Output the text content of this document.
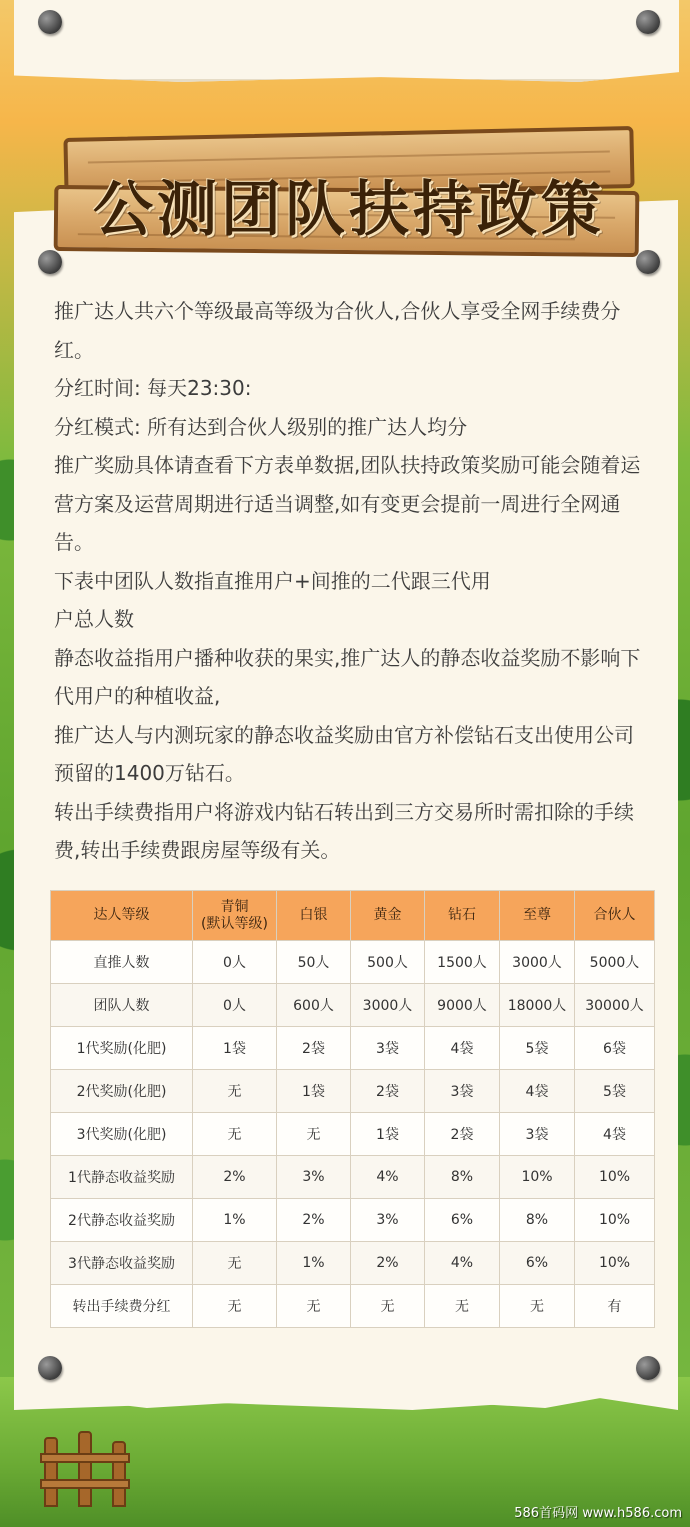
公测团队扶持政策

推广达人共六个等级最高等级为合伙人,合伙人享受全网手续费分红。

分红时间: 每天23:30:

分红模式: 所有达到合伙人级别的推广达人均分

推广奖励具体请查看下方表单数据,团队扶持政策奖励可能会随着运营方案及运营周期进行适当调整,如有变更会提前一周进行全网通告。

下表中团队人数指直推用户+间推的二代跟三代用

户总人数

静态收益指用户播种收获的果实,推广达人的静态收益奖励不影响下代用户的种植收益,

推广达人与内测玩家的静态收益奖励由官方补偿钻石支出使用公司预留的1400万钻石。

转出手续费指用户将游戏内钻石转出到三方交易所时需扣除的手续费,转出手续费跟房屋等级有关。

达人等级	青铜
(默认等级)	白银	黄金	钻石	至尊	合伙人
直推人数	0人	50人	500人	1500人	3000人	5000人
团队人数	0人	600人	3000人	9000人	18000人	30000人
1代奖励(化肥)	1袋	2袋	3袋	4袋	5袋	6袋
2代奖励(化肥)	无	1袋	2袋	3袋	4袋	5袋
3代奖励(化肥)	无	无	1袋	2袋	3袋	4袋
1代静态收益奖励	2%	3%	4%	8%	10%	10%
2代静态收益奖励	1%	2%	3%	6%	8%	10%
3代静态收益奖励	无	1%	2%	4%	6%	10%
转出手续费分红	无	无	无	无	无	有
586首码网 www.h586.com
